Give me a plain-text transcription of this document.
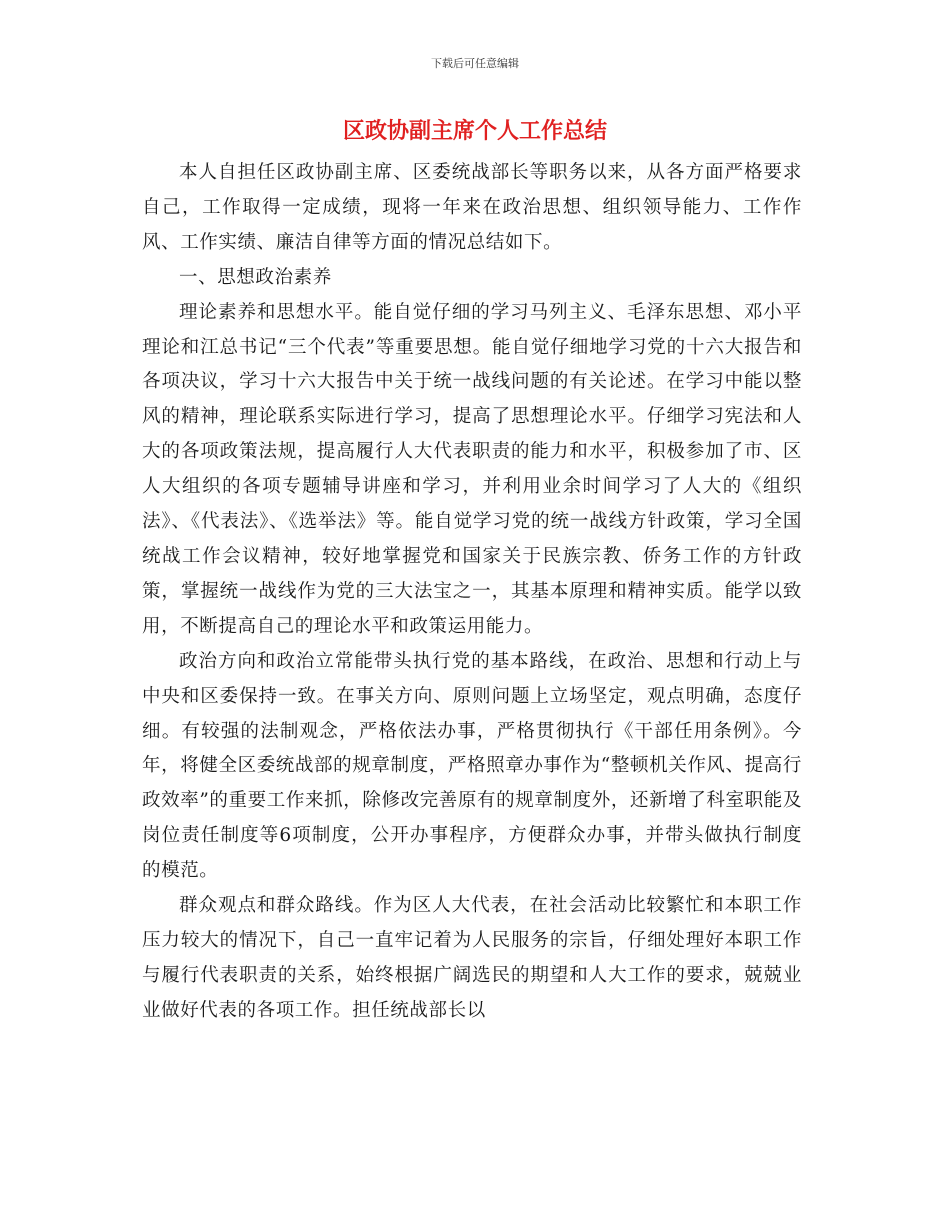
下载后可任意编辑
区政协副主席个人工作总结

本人自担任区政协副主席、区委统战部长等职务以来，从各方面严格要求自己，工作取得一定成绩，现将一年来在政治思想、组织领导能力、工作作风、工作实绩、廉洁自律等方面的情况总结如下。

一、思想政治素养

理论素养和思想水平。能自觉仔细的学习马列主义、毛泽东思想、邓小平理论和江总书记“三个代表”等重要思想。能自觉仔细地学习党的十六大报告和各项决议，学习十六大报告中关于统一战线问题的有关论述。在学习中能以整风的精神，理论联系实际进行学习，提高了思想理论水平。仔细学习宪法和人大的各项政策法规，提高履行人大代表职责的能力和水平，积极参加了市、区人大组织的各项专题辅导讲座和学习，并利用业余时间学习了人大的《组织法》、《代表法》、《选举法》等。能自觉学习党的统一战线方针政策，学习全国统战工作会议精神，较好地掌握党和国家关于民族宗教、侨务工作的方针政策，掌握统一战线作为党的三大法宝之一，其基本原理和精神实质。能学以致用，不断提高自己的理论水平和政策运用能力。

政治方向和政治立常能带头执行党的基本路线，在政治、思想和行动上与中央和区委保持一致。在事关方向、原则问题上立场坚定，观点明确，态度仔细。有较强的法制观念，严格依法办事，严格贯彻执行《干部任用条例》。今年，将健全区委统战部的规章制度，严格照章办事作为“整顿机关作风、提高行政效率”的重要工作来抓，除修改完善原有的规章制度外，还新增了科室职能及岗位责任制度等6项制度，公开办事程序，方便群众办事，并带头做执行制度的模范。

群众观点和群众路线。作为区人大代表，在社会活动比较繁忙和本职工作压力较大的情况下，自己一直牢记着为人民服务的宗旨，仔细处理好本职工作与履行代表职责的关系，始终根据广阔选民的期望和人大工作的要求，兢兢业业做好代表的各项工作。担任统战部长以
